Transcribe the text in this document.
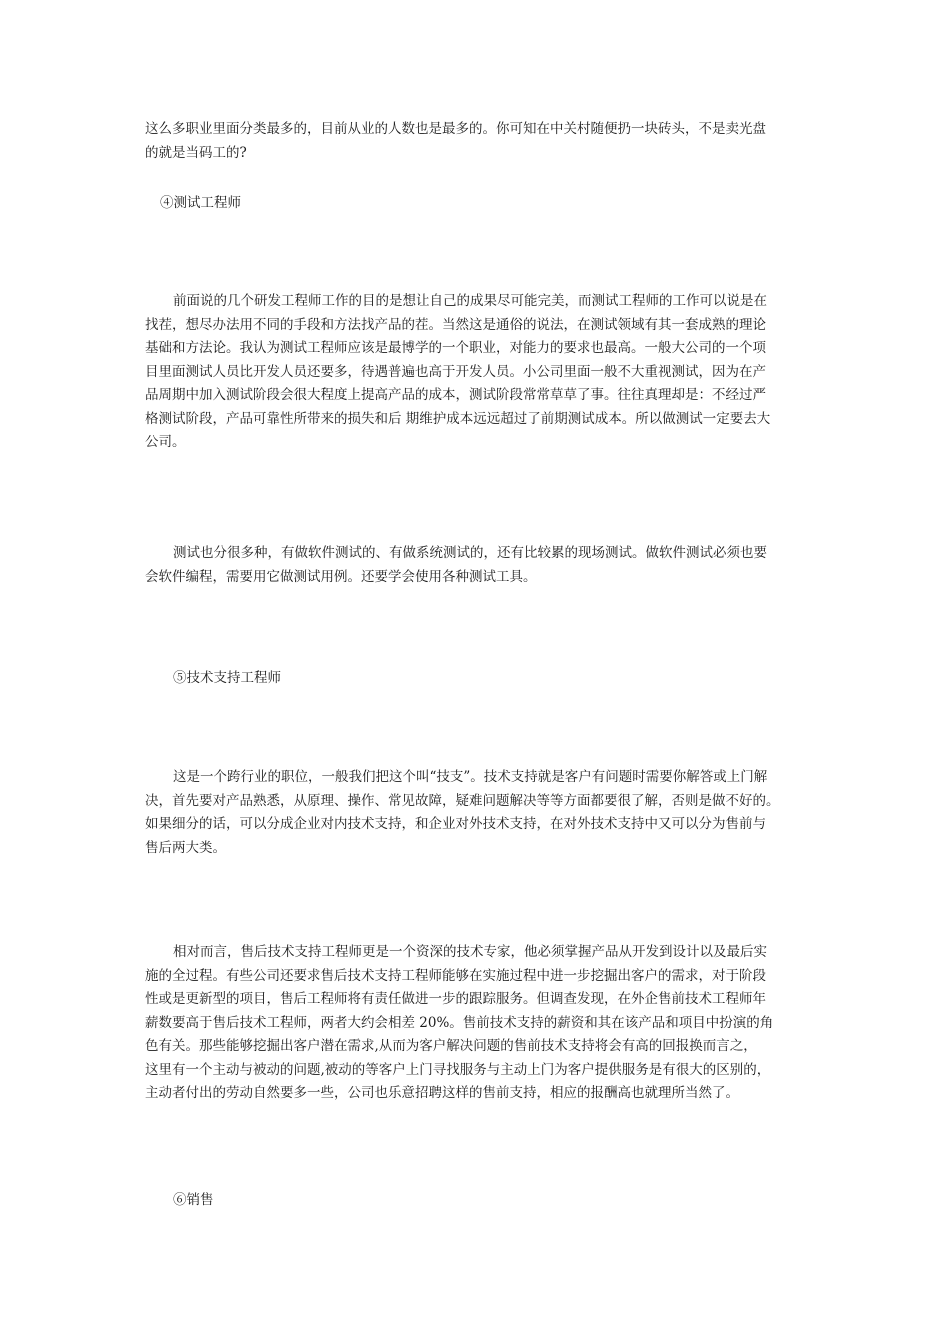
这么多职业里面分类最多的，目前从业的人数也是最多的。你可知在中关村随便扔一块砖头，不是卖光盘
的就是当码工的?
④测试工程师
前面说的几个研发工程师工作的目的是想让自己的成果尽可能完美，而测试工程师的工作可以说是在
找茬，想尽办法用不同的手段和方法找产品的茬。当然这是通俗的说法，在测试领域有其一套成熟的理论
基础和方法论。我认为测试工程师应该是最博学的一个职业，对能力的要求也最高。一般大公司的一个项
目里面测试人员比开发人员还要多，待遇普遍也高于开发人员。小公司里面一般不大重视测试，因为在产
品周期中加入测试阶段会很大程度上提高产品的成本，测试阶段常常草草了事。往往真理却是：不经过严
格测试阶段，产品可靠性所带来的损失和后 期维护成本远远超过了前期测试成本。所以做测试一定要去大
公司。
测试也分很多种，有做软件测试的、有做系统测试的，还有比较累的现场测试。做软件测试必须也要
会软件编程，需要用它做测试用例。还要学会使用各种测试工具。
⑤技术支持工程师
这是一个跨行业的职位，一般我们把这个叫“技支”。技术支持就是客户有问题时需要你解答或上门解
决，首先要对产品熟悉，从原理、操作、常见故障，疑难问题解决等等方面都要很了解，否则是做不好的。
如果细分的话，可以分成企业对内技术支持，和企业对外技术支持，在对外技术支持中又可以分为售前与
售后两大类。
相对而言，售后技术支持工程师更是一个资深的技术专家，他必须掌握产品从开发到设计以及最后实
施的全过程。有些公司还要求售后技术支持工程师能够在实施过程中进一步挖掘出客户的需求，对于阶段
性或是更新型的项目，售后工程师将有责任做进一步的跟踪服务。但调查发现，在外企售前技术工程师年
薪数要高于售后技术工程师，两者大约会相差 20%。售前技术支持的薪资和其在该产品和项目中扮演的角
色有关。那些能够挖掘出客户潜在需求,从而为客户解决问题的售前技术支持将会有高的回报换而言之，
这里有一个主动与被动的问题,被动的等客户上门寻找服务与主动上门为客户提供服务是有很大的区别的，
主动者付出的劳动自然要多一些，公司也乐意招聘这样的售前支持，相应的报酬高也就理所当然了。
⑥销售
